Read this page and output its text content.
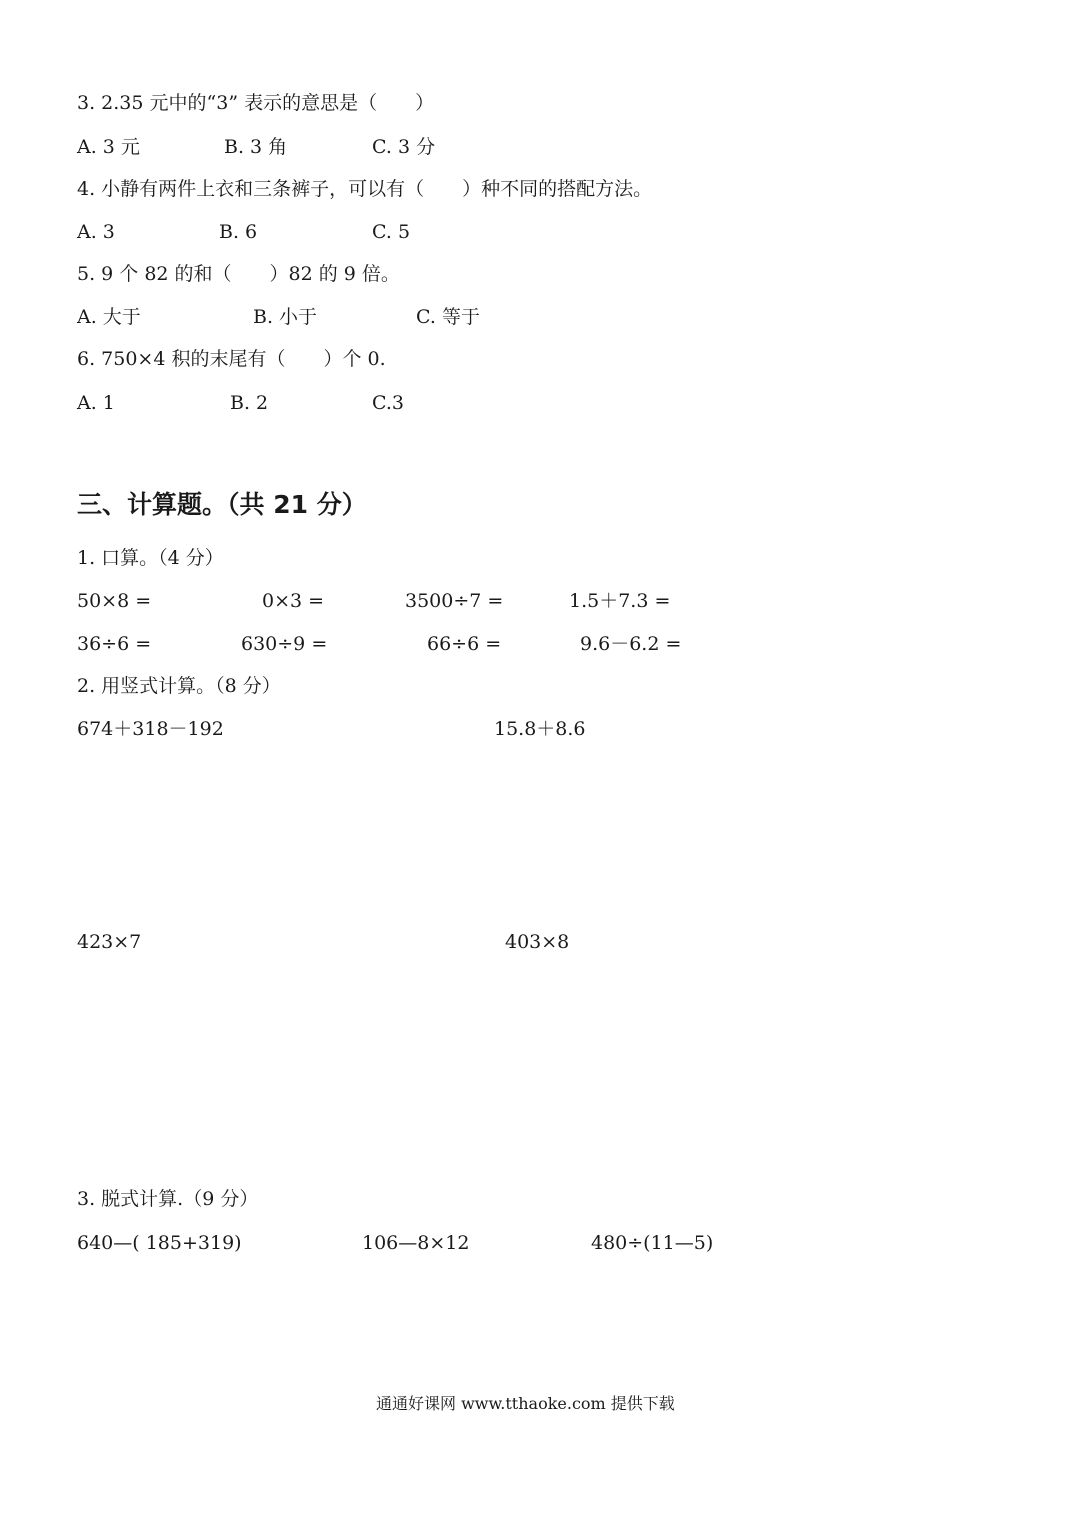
3. 2.35 元中的“3” 表示的意思是（　　）
A. 3 元	B. 3 角	C. 3 分
4. 小静有两件上衣和三条裤子，可以有（　　）种不同的搭配方法。
A. 3	B. 6	C. 5
5. 9 个 82 的和（　　）82 的 9 倍。
A. 大于	B. 小于	C. 等于
6. 750×4 积的末尾有（　　）个 0.
A. 1	B. 2	C.3
三、计算题。（共 21 分）
1. 口算。（4 分）
50×8 =	0×3 =	3500÷7 =	1.5＋7.3 =
36÷6 =	630÷9 =	66÷6 =	9.6－6.2 =
2. 用竖式计算。（8 分）
674＋318－192	15.8＋8.6
423×7	403×8
3. 脱式计算.（9 分）
640—( 185+319)	106—8×12	480÷(11—5)
通通好课网 www.tthaoke.com 提供下载
